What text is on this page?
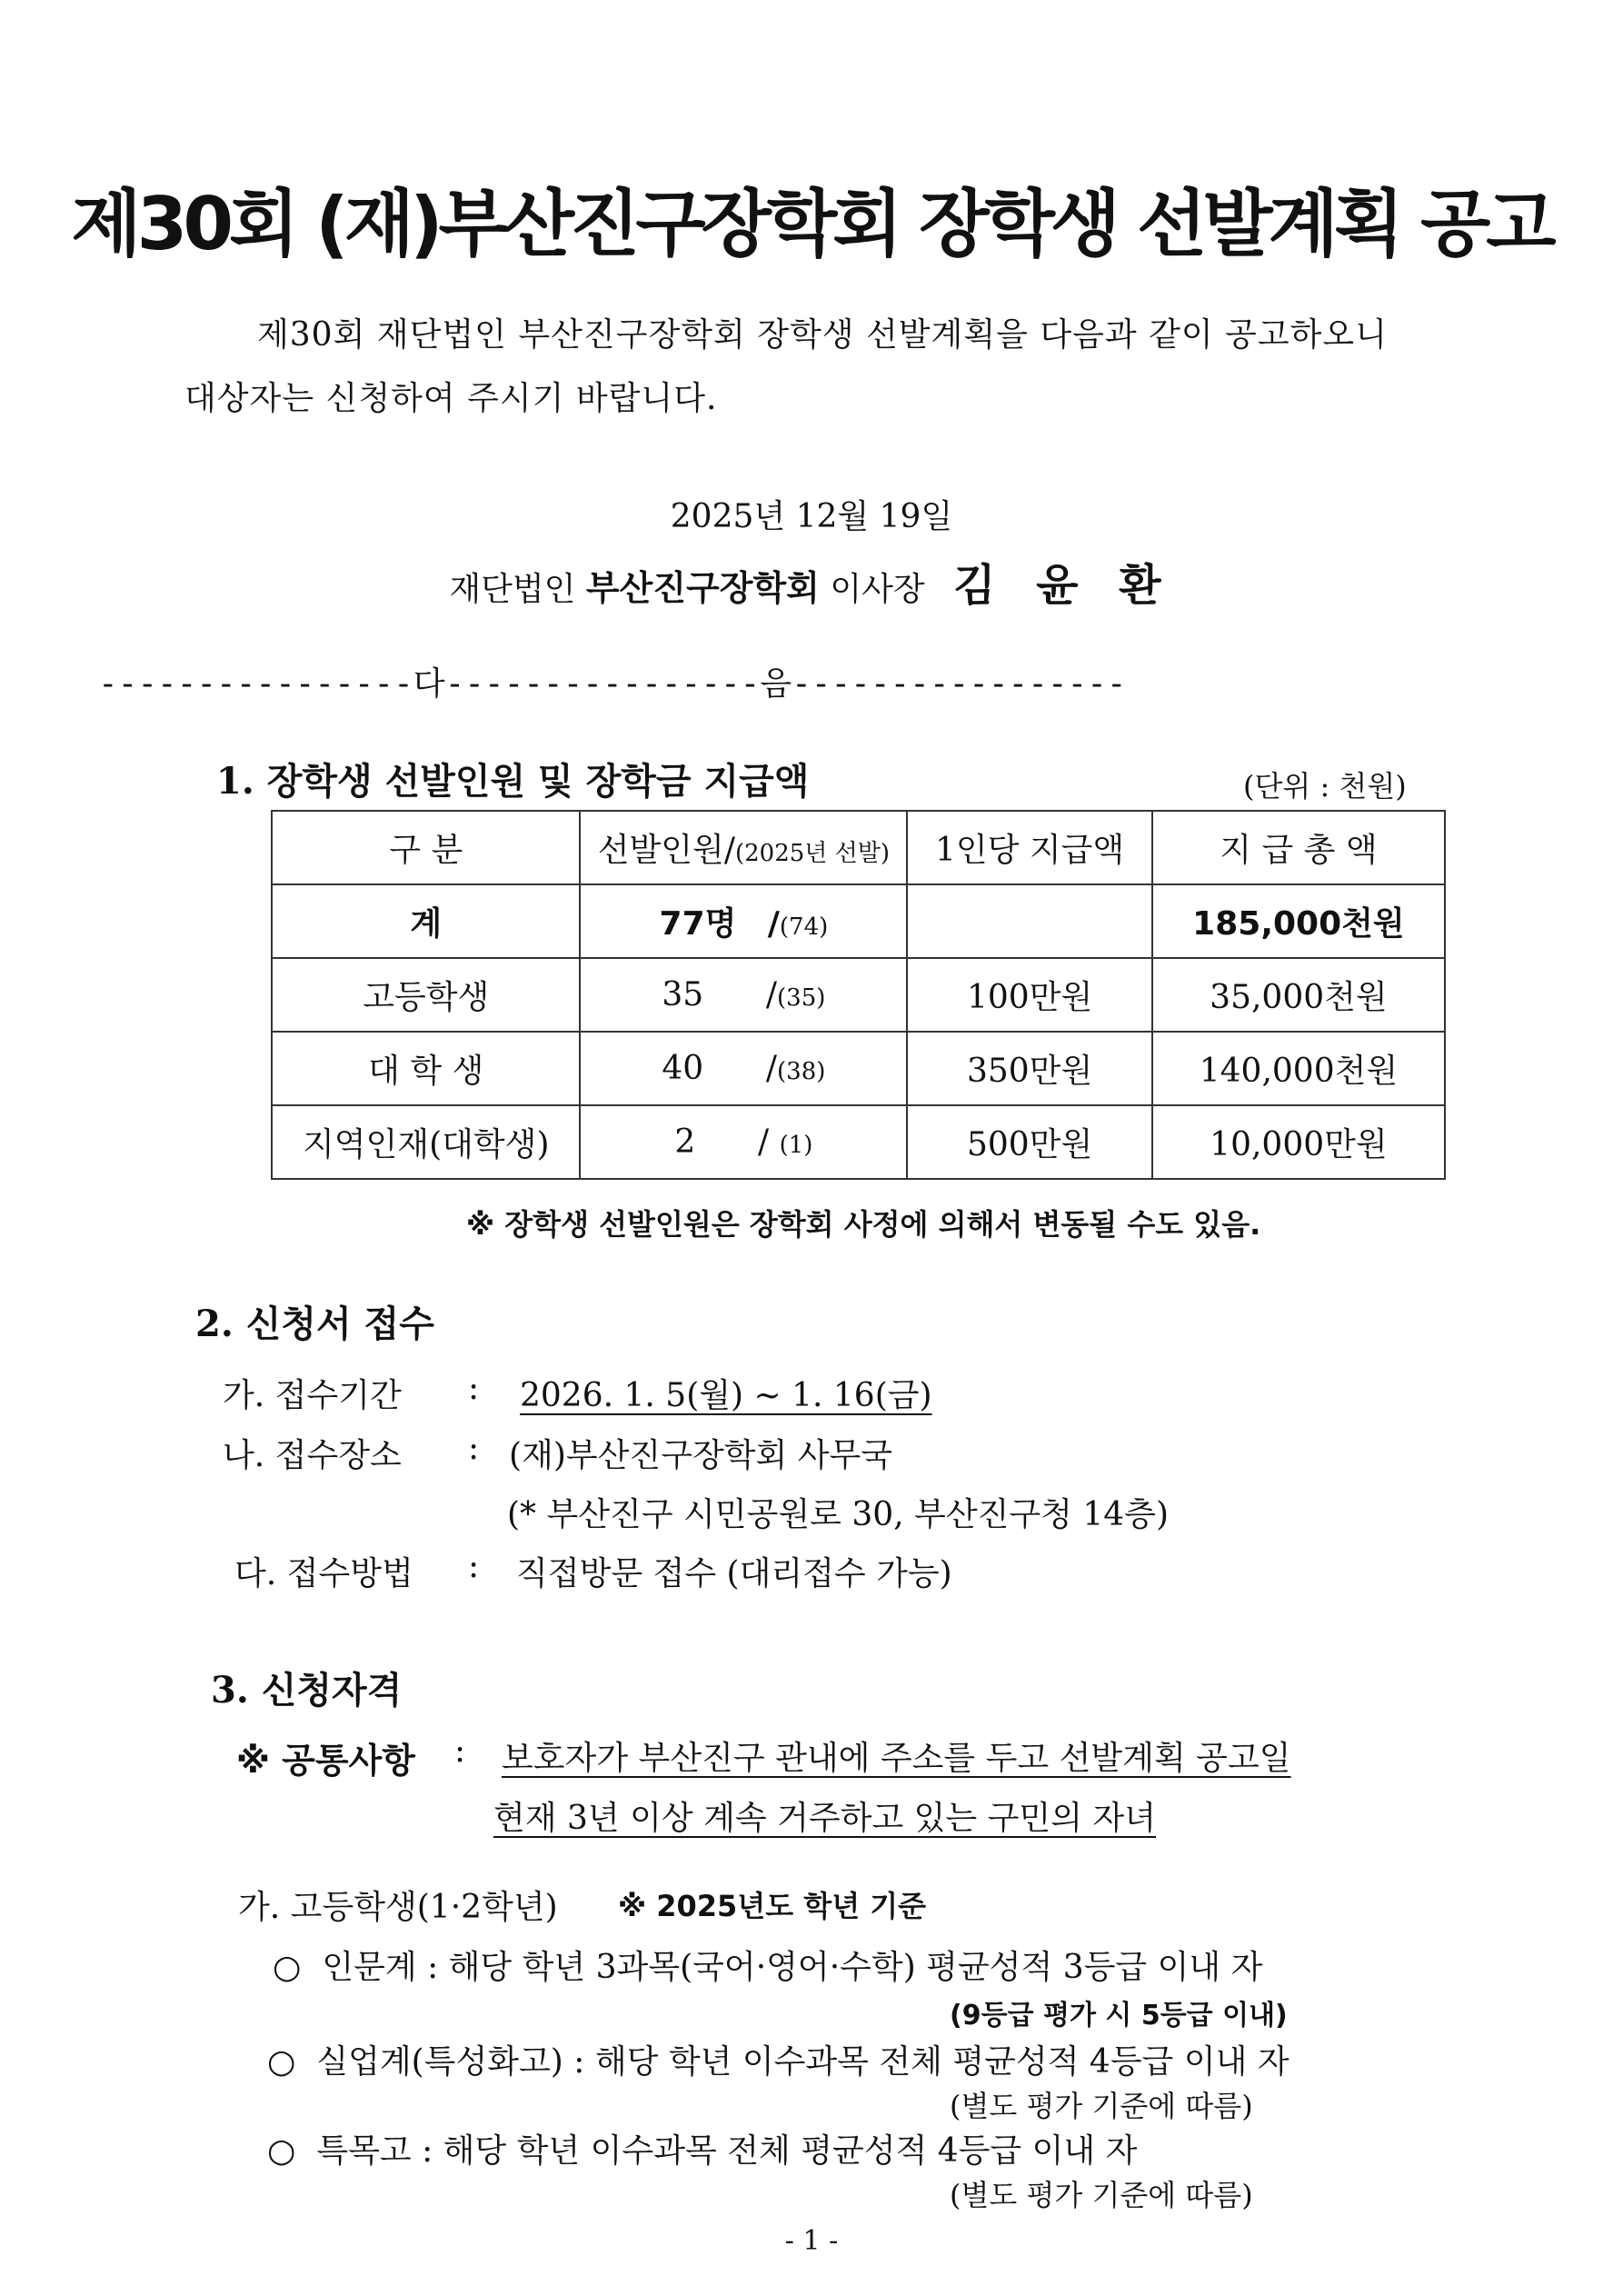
제30회 (재)부산진구장학회 장학생 선발계획 공고
제30회 재단법인 부산진구장학회 장학생 선발계획을 다음과 같이 공고하오니
대상자는 신청하여 주시기 바랍니다.
2025년 12월 19일
재단법인 부산진구장학회 이사장 김 윤 환
----------------다----------------음-----------------
1. 장학생 선발인원 및 장학금 지급액	(단위 : 천원)
구 분	선발인원/(2025년 선발)	1인당 지급액	지 급 총 액
계	77명 /(74)		185,000천원
고등학생	35 /(35)	100만원	35,000천원
대 학 생	40 /(38)	350만원	140,000천원
지역인재(대학생)	2 / (1)	500만원	10,000만원
※ 장학생 선발인원은 장학회 사정에 의해서 변동될 수도 있음.
2. 신청서 접수
가. 접수기간 : 2026. 1. 5(월) ~ 1. 16(금)
나. 접수장소 : (재)부산진구장학회 사무국
(* 부산진구 시민공원로 30, 부산진구청 14층)
다. 접수방법 : 직접방문 접수 (대리접수 가능)
3. 신청자격
※ 공통사항 : 보호자가 부산진구 관내에 주소를 두고 선발계획 공고일
현재 3년 이상 계속 거주하고 있는 구민의 자녀
가. 고등학생(1·2학년) ※ 2025년도 학년 기준
○ 인문계 : 해당 학년 3과목(국어·영어·수학) 평균성적 3등급 이내 자
(9등급 평가 시 5등급 이내)
○ 실업계(특성화고) : 해당 학년 이수과목 전체 평균성적 4등급 이내 자
(별도 평가 기준에 따름)
○ 특목고 : 해당 학년 이수과목 전체 평균성적 4등급 이내 자
(별도 평가 기준에 따름)
- 1 -
